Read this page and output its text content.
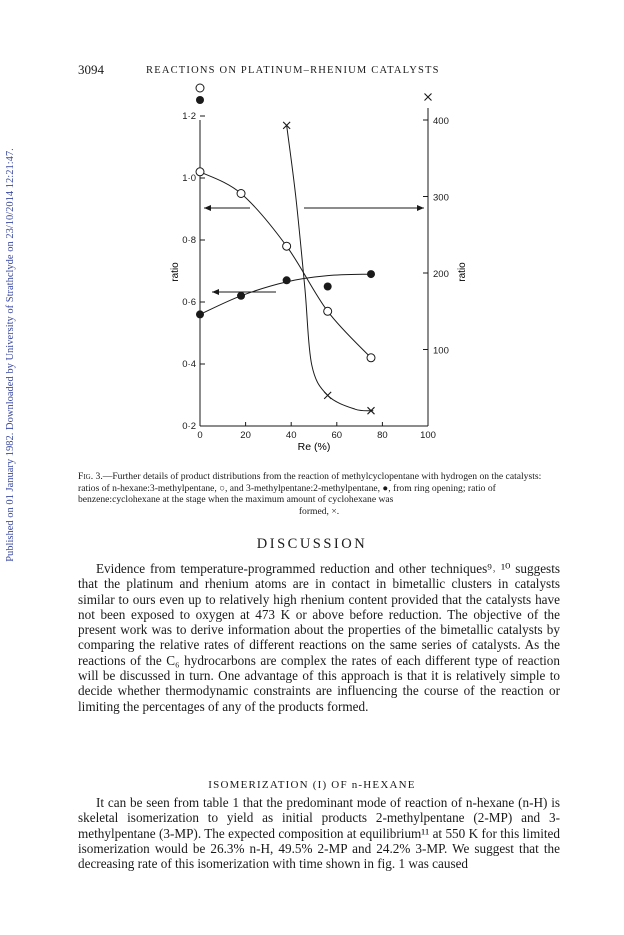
Published on 01 January 1982. Downloaded by University of Strathclyde on 23/10/2014 12:21:47.
3094	REACTIONS ON PLATINUM–RHENIUM CATALYSTS
0	20	40	60	80	100
0·2
0·4
0·6
0·8
1·0
1·2
100
200
300
400
Re (%)
ratio	ratio
Fig. 3.—Further details of product distributions from the reaction of methylcyclopentane with hydrogen on the catalysts: ratios of n-hexane:3-methylpentane, ○, and 3-methylpentane:2-methylpentane, ●, from ring opening; ratio of benzene:cyclohexane at the stage when the maximum amount of cyclohexane was
formed, ×.
DISCUSSION
Evidence from temperature-programmed reduction and other techniques⁹˒ ¹⁰ suggests that the platinum and rhenium atoms are in contact in bimetallic clusters in catalysts similar to ours even up to relatively high rhenium content provided that the catalysts have not been exposed to oxygen at 473 K or above before reduction. The objective of the present work was to derive information about the properties of the bimetallic catalysts by comparing the relative rates of different reactions on the same series of catalysts. As the reactions of the C₆ hydrocarbons are complex the rates of each different type of reaction will be discussed in turn. One advantage of this approach is that it is relatively simple to decide whether thermodynamic constraints are influencing the course of the reaction or limiting the percentages of any of the products formed.
ISOMERIZATION (I) OF n-HEXANE
It can be seen from table 1 that the predominant mode of reaction of n-hexane (n-H) is skeletal isomerization to yield as initial products 2-methylpentane (2-MP) and 3-methylpentane (3-MP). The expected composition at equilibrium¹¹ at 550 K for this limited isomerization would be 26.3% n-H, 49.5% 2-MP and 24.2% 3-MP. We suggest that the decreasing rate of this isomerization with time shown in fig. 1 was caused
